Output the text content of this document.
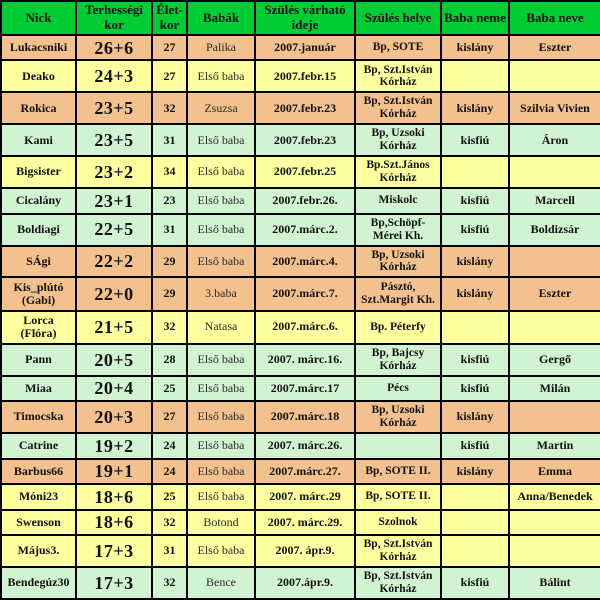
Nick	Terhességi kor	Élet-kor	Babák	Szülés várható ideje	Szülés helye	Baba neme	Baba neve
Lukacsniki	26+6	27	Palika	2007.január	Bp, SOTE	kislány	Eszter
Deako	24+3	27	Első baba	2007.febr.15	Bp, Szt.István Kórház		
Rokica	23+5	32	Zsuzsa	2007.febr.23	Bp, Szt.István Kórház	kislány	Szilvia Vivien
Kami	23+5	31	Első baba	2007.febr.23	Bp, Uzsoki Kórház	kisfiú	Áron
Bigsister	23+2	34	Első baba	2007.febr.25	Bp.Szt.János Kórház		
Cicalány	23+1	23	Első baba	2007.febr.26.	Miskolc	kisfiú	Marcell
Boldiagi	22+5	31	Első baba	2007.márc.2.	Bp,Schöpf-Mérei Kh.	kisfiú	Boldizsár
SÁgi	22+2	29	Első baba	2007.márc.4.	Bp, Uzsoki Kórház	kislány	
Kis_plútó (Gabi)	22+0	29	3.baba	2007.márc.7.	Pásztó, Szt.Margit Kh.	kislány	Eszter
Lorca (Flóra)	21+5	32	Natasa	2007.márc.6.	Bp. Péterfy		
Pann	20+5	28	Első baba	2007. márc.16.	Bp, Bajcsy Kórház	kisfiú	Gergő
Miaa	20+4	25	Első baba	2007.márc.17	Pécs	kisfiú	Milán
Timocska	20+3	27	Első baba	2007.márc.18	Bp, Uzsoki Kórház	kislány	
Catrine	19+2	24	Első baba	2007. márc.26.		kisfiú	Martin
Barbus66	19+1	24	Első baba	2007.márc.27.	Bp, SOTE II.	kislány	Emma
Móni23	18+6	25	Első baba	2007. márc.29	Bp, SOTE II.		Anna/Benedek
Swenson	18+6	32	Botond	2007. márc.29.	Szolnok		
Május3.	17+3	31	Első baba	2007. ápr.9.	Bp, Szt.István Kórház		
Bendegúz30	17+3	32	Bence	2007.ápr.9.	Bp, Szt.István Kórház	kisfiú	Bálint
